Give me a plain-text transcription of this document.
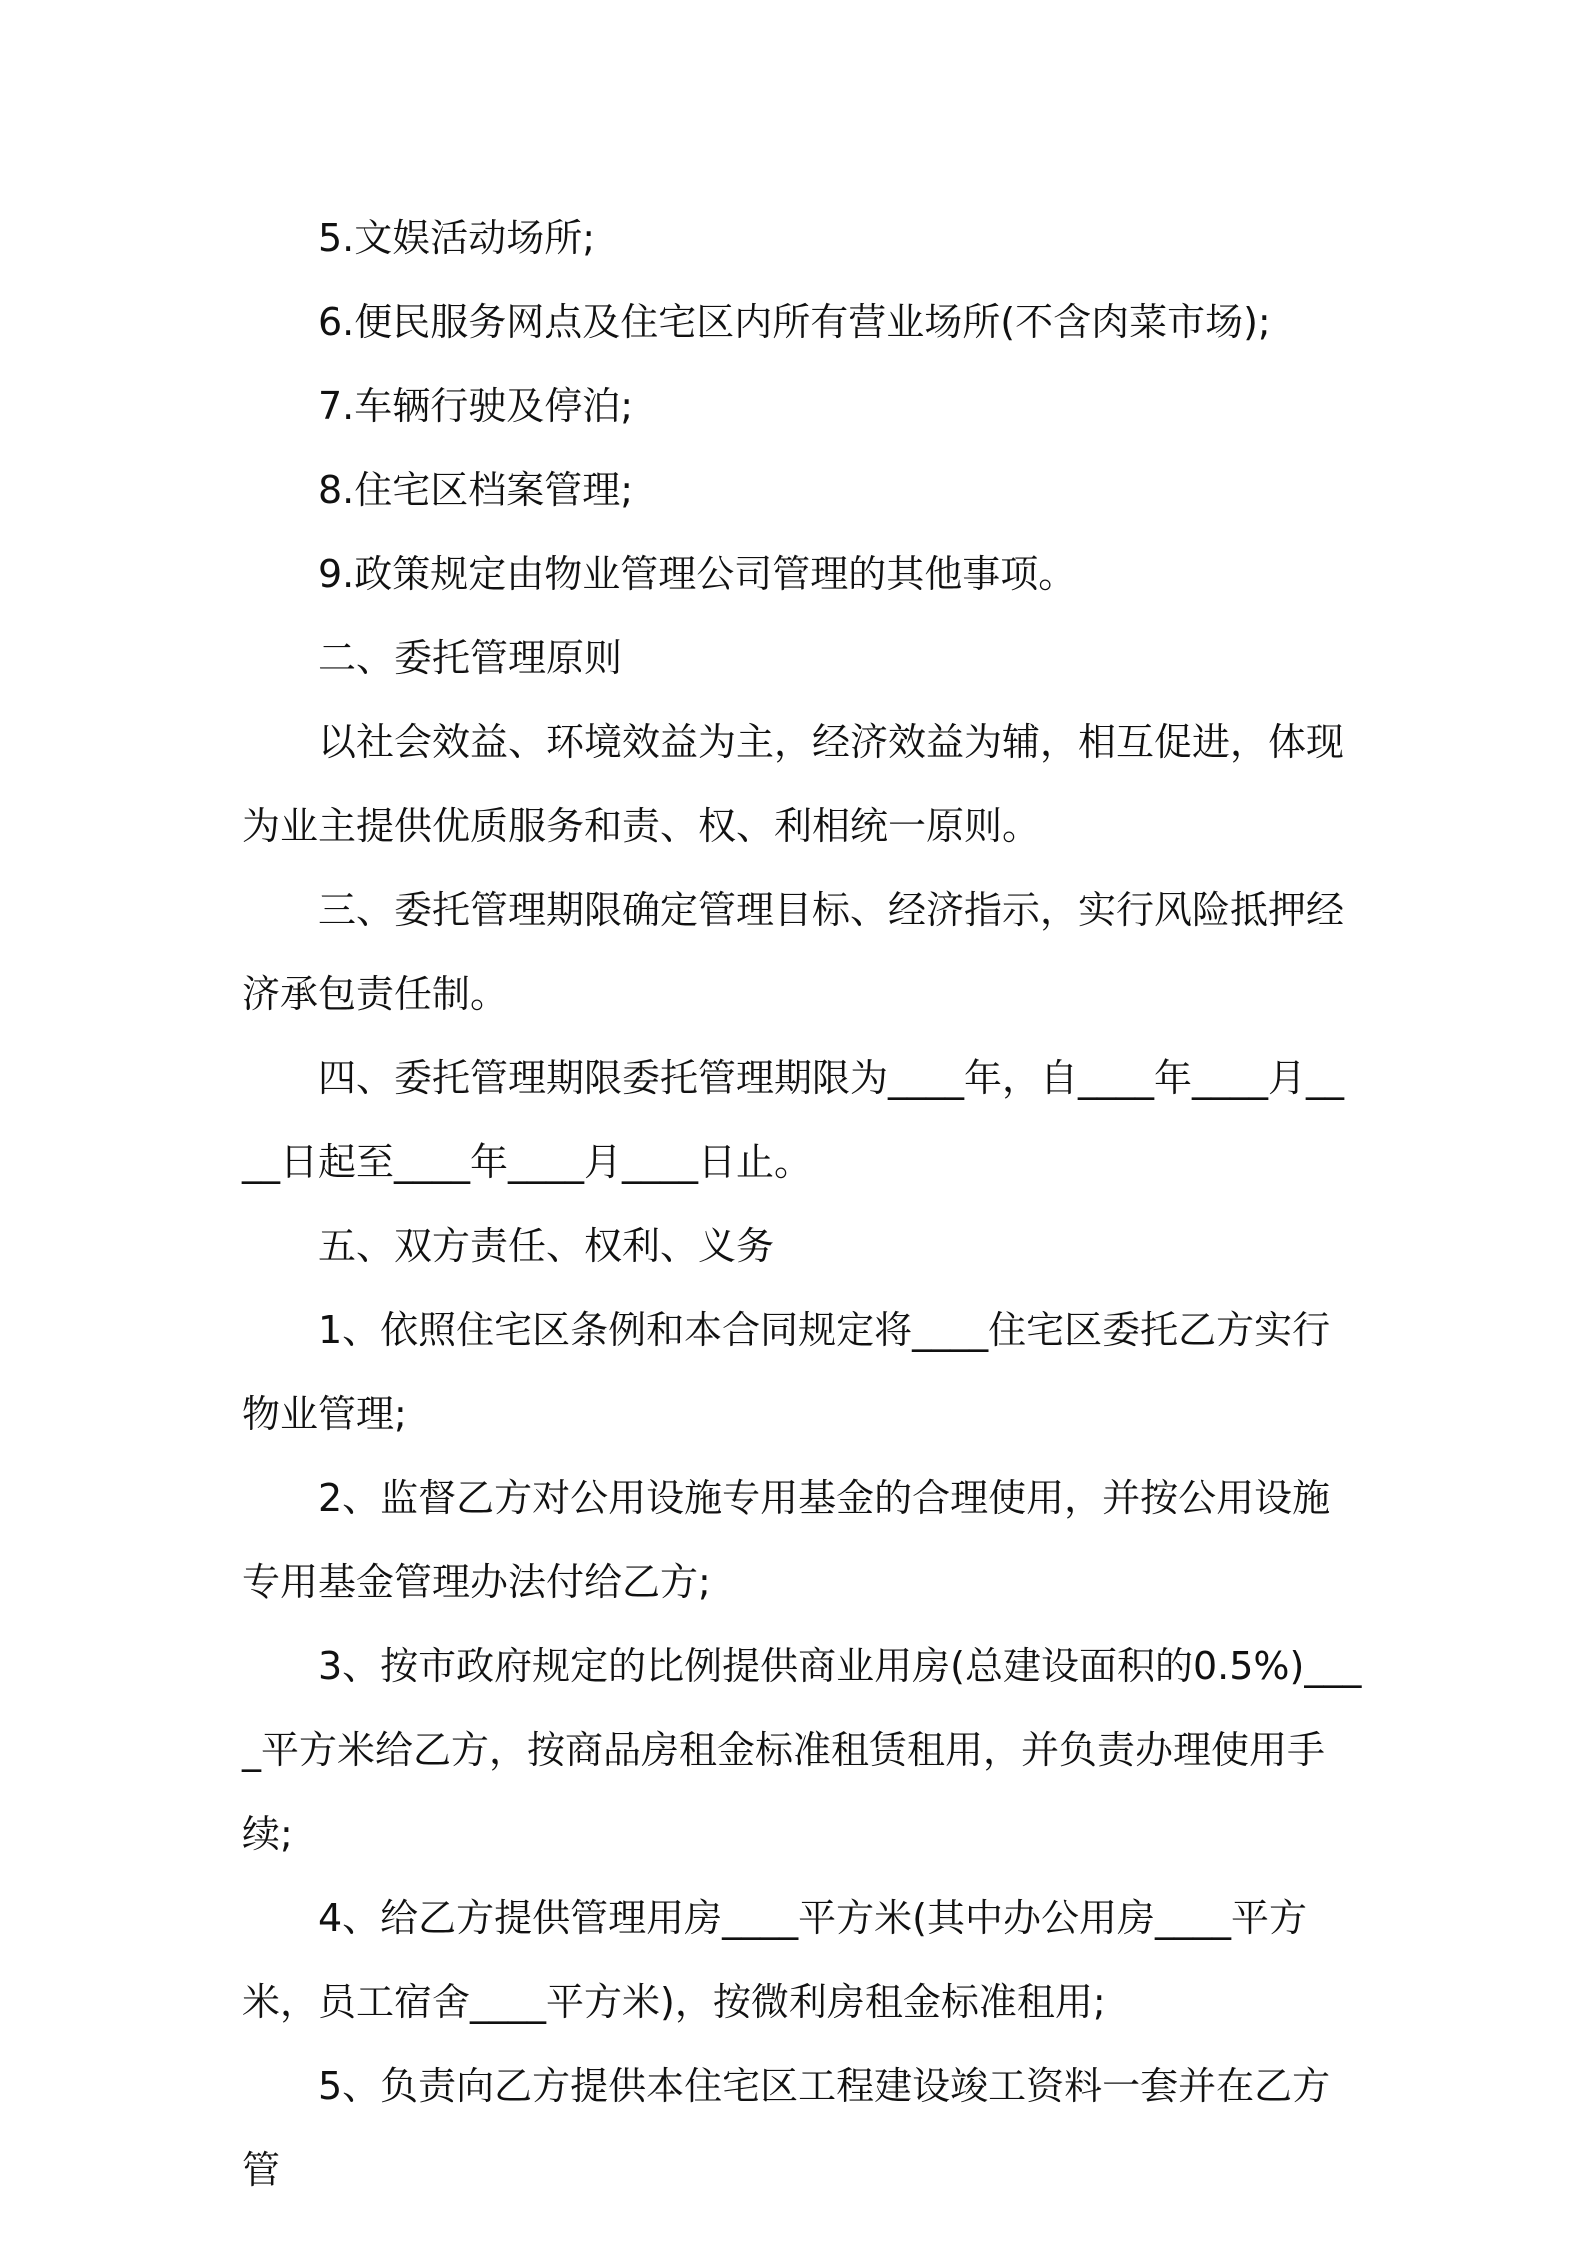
5.文娱活动场所;

6.便民服务网点及住宅区内所有营业场所(不含肉菜市场);

7.车辆行驶及停泊;

8.住宅区档案管理;

9.政策规定由物业管理公司管理的其他事项。

二、委托管理原则

以社会效益、环境效益为主，经济效益为辅，相互促进，体现为业主提供优质服务和责、权、利相统一原则。

三、委托管理期限确定管理目标、经济指示，实行风险抵押经济承包责任制。

四、委托管理期限委托管理期限为____年，自____年____月____日起至____年____月____日止。

五、双方责任、权利、义务

1、依照住宅区条例和本合同规定将____住宅区委托乙方实行物业管理;

2、监督乙方对公用设施专用基金的合理使用，并按公用设施专用基金管理办法付给乙方;

3、按市政府规定的比例提供商业用房(总建设面积的0.5%)____平方米给乙方，按商品房租金标准租赁租用，并负责办理使用手续;

4、给乙方提供管理用房____平方米(其中办公用房____平方米，员工宿舍____平方米)，按微利房租金标准租用;

5、负责向乙方提供本住宅区工程建设竣工资料一套并在乙方管
